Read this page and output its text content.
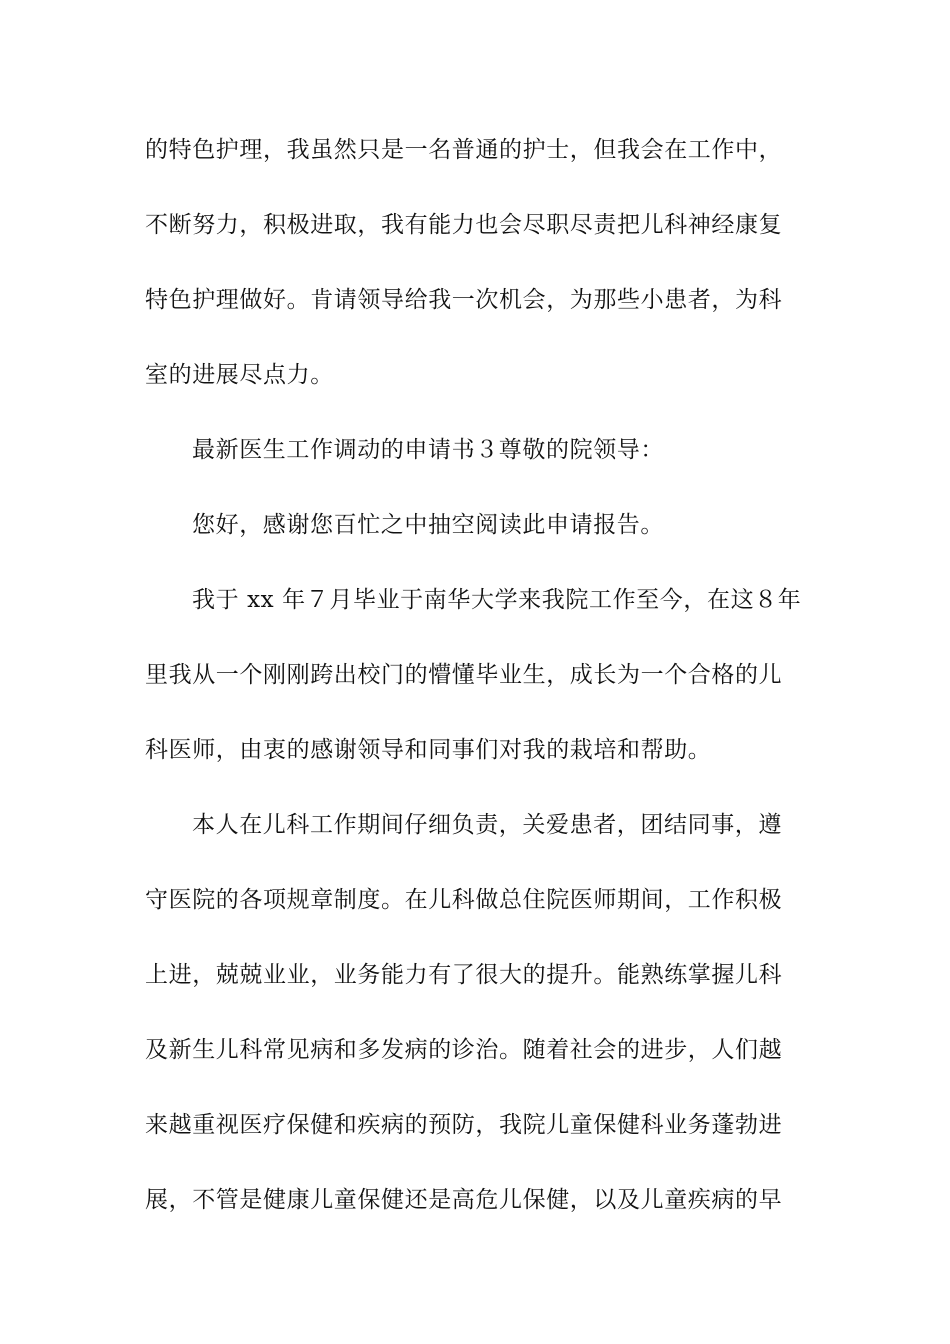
的特色护理，我虽然只是一名普通的护士，但我会在工作中，
不断努力，积极进取，我有能力也会尽职尽责把儿科神经康复
特色护理做好。肯请领导给我一次机会，为那些小患者，为科
室的进展尽点力。
最新医生工作调动的申请书３尊敬的院领导：
您好，感谢您百忙之中抽空阅读此申请报告。
我于 xx 年７月毕业于南华大学来我院工作至今，在这８年
里我从一个刚刚跨出校门的懵懂毕业生，成长为一个合格的儿
科医师，由衷的感谢领导和同事们对我的栽培和帮助。
本人在儿科工作期间仔细负责，关爱患者，团结同事，遵
守医院的各项规章制度。在儿科做总住院医师期间，工作积极
上进，兢兢业业，业务能力有了很大的提升。能熟练掌握儿科
及新生儿科常见病和多发病的诊治。随着社会的进步，人们越
来越重视医疗保健和疾病的预防，我院儿童保健科业务蓬勃进
展，不管是健康儿童保健还是高危儿保健，以及儿童疾病的早
